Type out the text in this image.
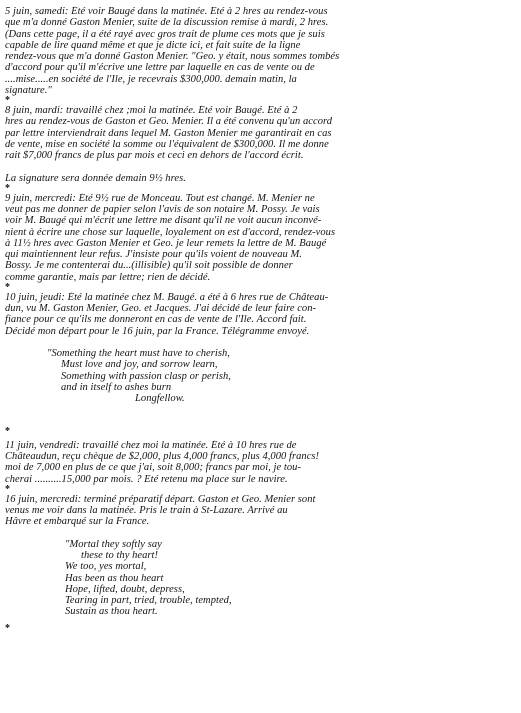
5 juin, samedi: Été voir Baugé dans la matinée. Eté à 2 hres au rendez-vous
que m'a donné Gaston Menier, suite de la discussion remise à mardi, 2 hres.
(Dans cette page, il a été rayé avec gros trait de plume ces mots que je suis
capable de lire quand même et que je dicte ici, et fait suite de la ligne
rendez-vous que m'a donné Gaston Menier. "Geo. y était, nous sommes tombés
d'accord pour qu'il m'écrive une lettre par laquelle en cas de vente ou de
....mise.....en société de l'Ile, je recevrais $300,000. demain matin, la
signature."
*
8 juin, mardi: travaillé chez ;moi la matinée. Été voir Baugé. Eté à 2
hres au rendez-vous de Gaston et Geo. Menier. Il a été convenu qu'un accord
par lettre interviendrait dans lequel M. Gaston Menier me garantirait en cas
de vente, mise en société la somme ou l'équivalent de $300,000. Il me donne
rait $7,000 francs de plus par mois et ceci en dehors de l'accord écrit.
La signature sera donnée demain 9½ hres.
*
9 juin, mercredi: Été 9½ rue de Monceau. Tout est changé. M. Menier ne
veut pas me donner de papier selon l'avis de son notaire M. Possy. Je vais
voir M. Baugé qui m'écrit une lettre me disant qu'il ne voit aucun inconvé-
nient à écrire une chose sur laquelle, loyalement on est d'accord, rendez-vous
à 11½ hres avec Gaston Menier et Geo. je leur remets la lettre de M. Baugé
qui maintiennent leur refus. J'insiste pour qu'ils voient de nouveau M.
Bossy. Je me contenterai du...(illisible) qu'il soit possible de donner
comme garantie, mais par lettre; rien de décidé.
*
10 juin, jeudi: Été la matinée chez M. Baugé. a été à 6 hres rue de Château-
dun, vu M. Gaston Menier, Geo. et Jacques. J'ai décidé de leur faire con-
fiance pour ce qu'ils me donneront en cas de vente de l'Ile. Accord fait.
Décidé mon départ pour le 16 juin, par la France. Télégramme envoyé.
"Something the heart must have to cherish,
Must love and joy, and sorrow learn,
Something with passion clasp or perish,
and in itself to ashes burn
Longfellow.
*
11 juin, vendredi: travaillé chez moi la matinée. Été à 10 hres rue de
Châteaudun, reçu chèque de $2,000, plus 4,000 francs, plus 4,000 francs!
moi de 7,000 en plus de ce que j'ai, soit 8,000; francs par moi, je tou-
cherai ..........15,000 par mois. ? Eté retenu ma place sur le navire.
*
16 juin, mercredi: terminé préparatif départ. Gaston et Geo. Menier sont
venus me voir dans la matinée. Pris le train à St-Lazare. Arrivé au
Hâvre et embarqué sur la France.
"Mortal they softly say
these to thy heart!
We too, yes mortal,
Has been as thou heart
Hope, lifted, doubt, depress,
Tearing in part, tried, trouble, tempted,
Sustain as thou heart.
*
